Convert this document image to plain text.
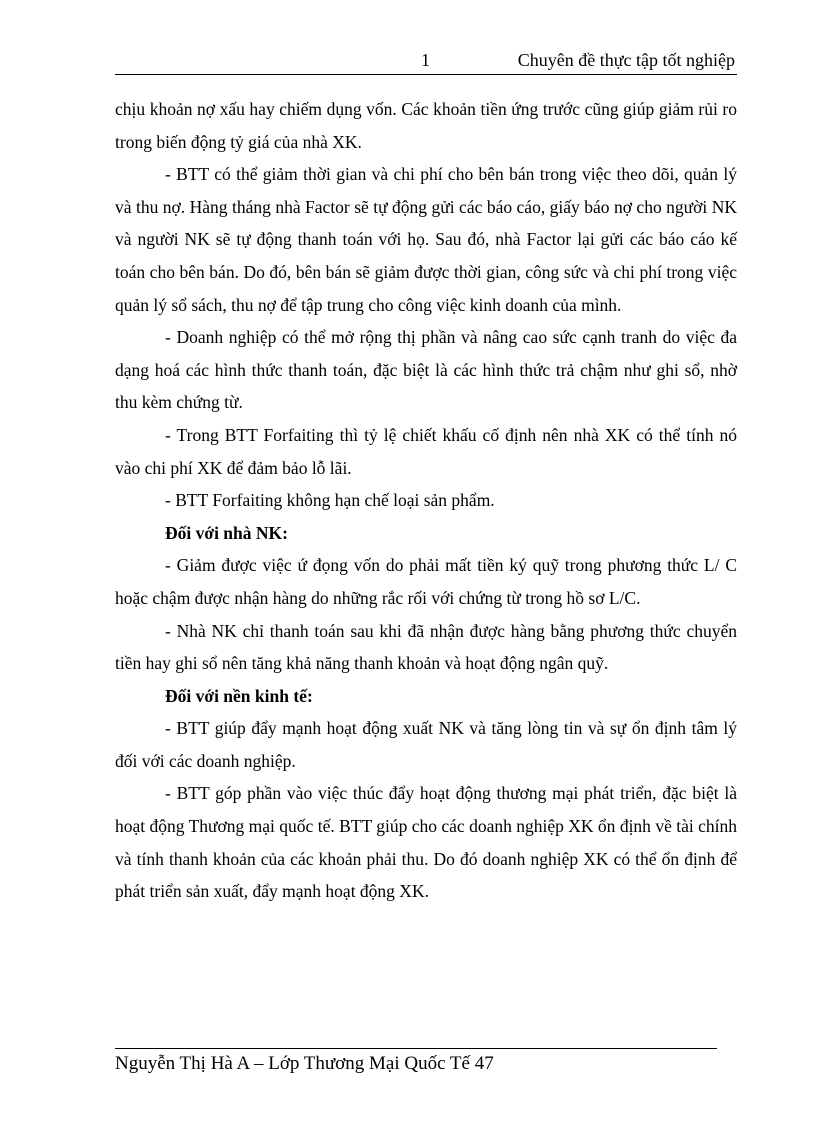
1	Chuyên đề thực tập tốt nghiệp

chịu khoản nợ xấu hay chiếm dụng vốn. Các khoản tiền ứng trước cũng giúp giảm rủi ro trong biến động tỷ giá của nhà XK.

- BTT có thể giảm thời gian và chi phí cho bên bán trong việc theo dõi, quản lý và thu nợ. Hàng tháng nhà Factor sẽ tự động gửi các báo cáo, giấy báo nợ cho người NK và người NK sẽ tự động thanh toán với họ. Sau đó, nhà Factor lại gửi các báo cáo kế toán cho bên bán. Do đó, bên bán sẽ giảm được thời gian, công sức và chi phí trong việc quản lý sổ sách, thu nợ để tập trung cho công việc kinh doanh của mình.

- Doanh nghiệp có thể mở rộng thị phần và nâng cao sức cạnh tranh do việc đa dạng hoá các hình thức thanh toán, đặc biệt là các hình thức trả chậm như ghi sổ, nhờ thu kèm chứng từ.

- Trong BTT Forfaiting thì tỷ lệ chiết khấu cố định nên nhà XK có thể tính nó vào chi phí XK để đảm bảo lỗ lãi.

- BTT Forfaiting không hạn chế loại sản phẩm.

Đối với nhà NK:

- Giảm được việc ứ đọng vốn do phải mất tiền ký quỹ trong phương thức L/ C hoặc chậm được nhận hàng do những rắc rối với chứng từ trong hồ sơ L/C.

- Nhà NK chỉ thanh toán sau khi đã nhận được hàng bằng phương thức chuyển tiền hay ghi sổ nên tăng khả năng thanh khoản và hoạt động ngân quỹ.

Đối với nền kinh tế:

- BTT giúp đẩy mạnh hoạt động xuất NK và tăng lòng tin và sự ổn định tâm lý đối với các doanh nghiệp.

- BTT góp phần vào việc thúc đẩy hoạt động thương mại phát triển, đặc biệt là hoạt động Thương mại quốc tế. BTT giúp cho các doanh nghiệp XK ổn định về tài chính và tính thanh khoản của các khoản phải thu. Do đó doanh nghiệp XK có thể ổn định để phát triển sản xuất, đẩy mạnh hoạt động XK.

Nguyễn Thị Hà A – Lớp Thương Mại Quốc Tế 47
